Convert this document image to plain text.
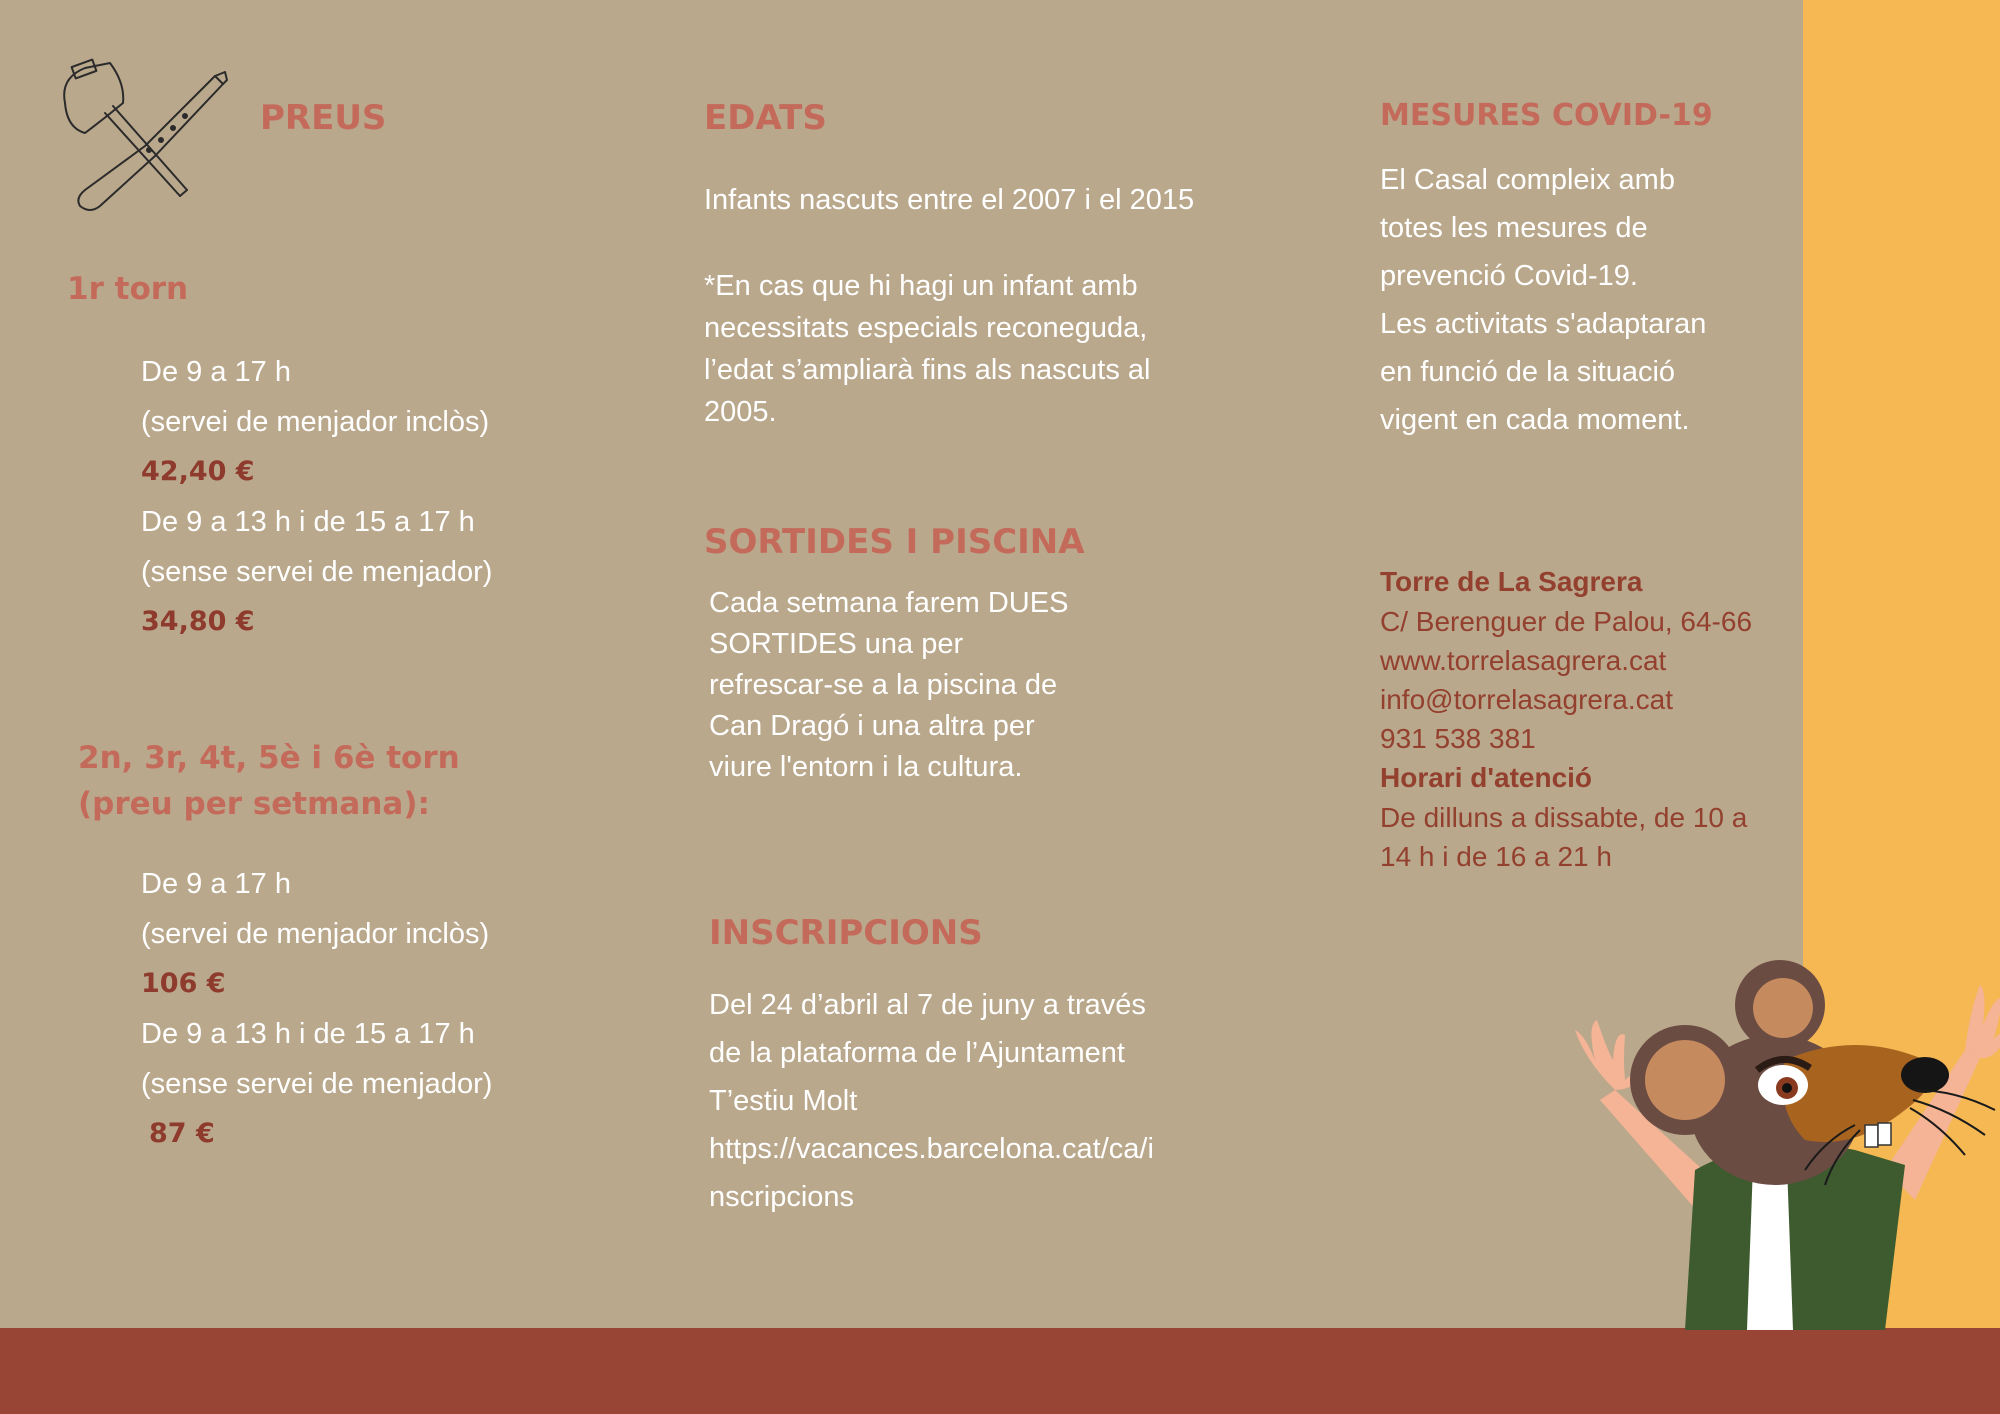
PREUS
1r torn

De 9 a 17 h

(servei de menjador inclòs)

42,40 €

De 9 a 13 h i de 15 a 17 h

(sense servei de menjador)

34,80 €

2n, 3r, 4t, 5è i 6è torn

(preu per setmana):

De 9 a 17 h

(servei de menjador inclòs)

106 €

De 9 a 13 h i de 15 a 17 h

(sense servei de menjador)

87 €

EDATS

Infants nascuts entre el 2007 i el 2015

*En cas que hi hagi un infant amb
necessitats especials reconeguda,
l’edat s’ampliarà fins als nascuts al
2005.
SORTIDES I PISCINA
Cada setmana farem DUES
SORTIDES una per
refrescar-se a la piscina de
Can Dragó i una altra per
viure l'entorn i la cultura.
INSCRIPCIONS
Del 24 d’abril al 7 de juny a través
de la plataforma de l’Ajuntament
T’estiu Molt
https://vacances.barcelona.cat/ca/i
nscripcions
MESURES COVID-19
El Casal compleix amb
totes les mesures de
prevenció Covid-19.
Les activitats s'adaptaran
en funció de la situació
vigent en cada moment.
Torre de La Sagrera
C/ Berenguer de Palou, 64-66
www.torrelasagrera.cat
info@torrelasagrera.cat
931 538 381
Horari d'atenció
De dilluns a dissabte, de 10 a
14 h i de 16 a 21 h
